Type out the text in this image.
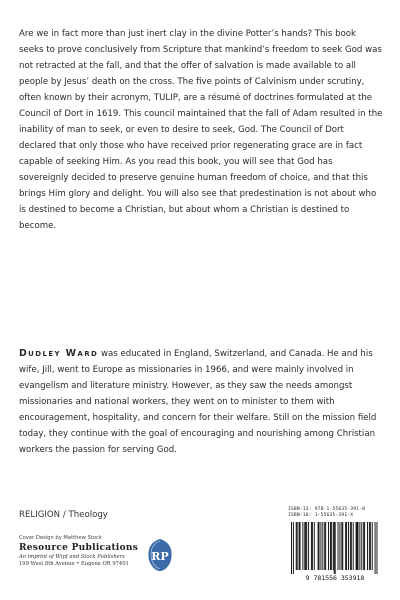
Are we in fact more than just inert clay in the divine Potter’s hands? This book seeks to prove conclusively from Scripture that mankind’s freedom to seek God was not retracted at the fall, and that the offer of salvation is made available to all people by Jesus’ death on the cross. The five points of Calvinism under scrutiny, often known by their acronym, TULIP, are a résumé of doctrines formulated at the Council of Dort in 1619. This council maintained that the fall of Adam resulted in the inability of man to seek, or even to desire to seek, God. The Council of Dort declared that only those who have received prior regenerating grace are in fact capable of seeking Him. As you read this book, you will see that God has sovereignly decided to preserve genuine human freedom of choice, and that this brings Him glory and delight. You will also see that predestination is not about who is destined to become a Christian, but about whom a Christian is destined to become.
Dudley Ward was educated in England, Switzerland, and Canada. He and his wife, Jill, went to Europe as missionaries in 1966, and were mainly involved in evangelism and literature ministry. However, as they saw the needs amongst missionaries and national workers, they went on to minister to them with encouragement, hospitality, and concern for their welfare. Still on the mission field today, they continue with the goal of encouraging and nourishing among Christian workers the passion for serving God.
RELIGION / Theology
Cover Design by Matthew Stock
Resource Publications
An imprint of Wipf and Stock Publishers
199 West 8th Avenue • Eugene OR 97401
RP
ISBN-13: 978-1-55635-391-8
ISBN-10: 1-55635-391-X
9 781556 353918
